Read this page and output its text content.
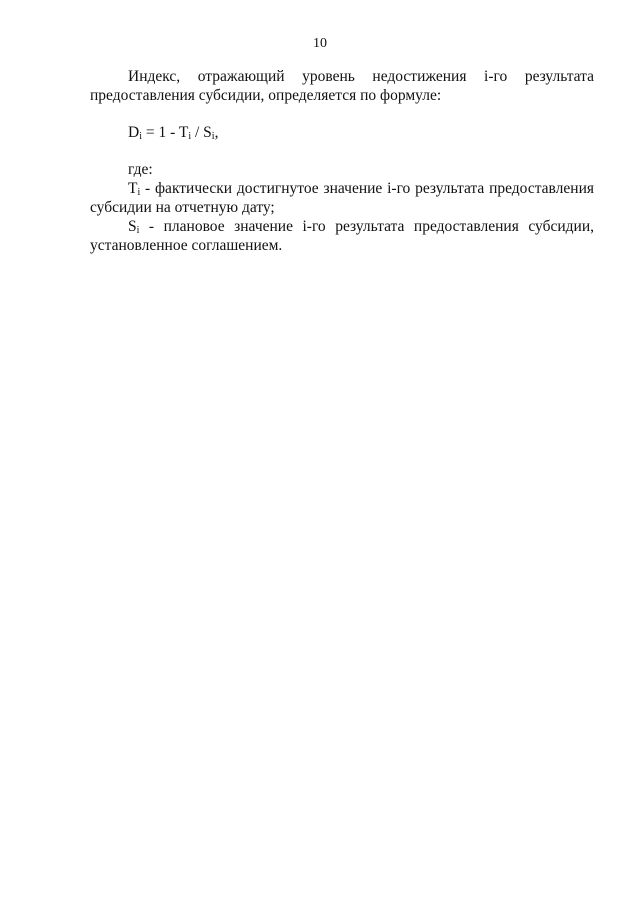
10
Индекс, отражающий уровень недостижения i-го результата
предоставления субсидии, определяется по формуле:
$D_i = 1 - T_i / S_i$,
где:
$T_i$ - фактически достигнутое значение i-го результата предоставления
субсидии на отчетную дату;
$S_i$ - плановое значение i-го результата предоставления субсидии,
установленное соглашением.
